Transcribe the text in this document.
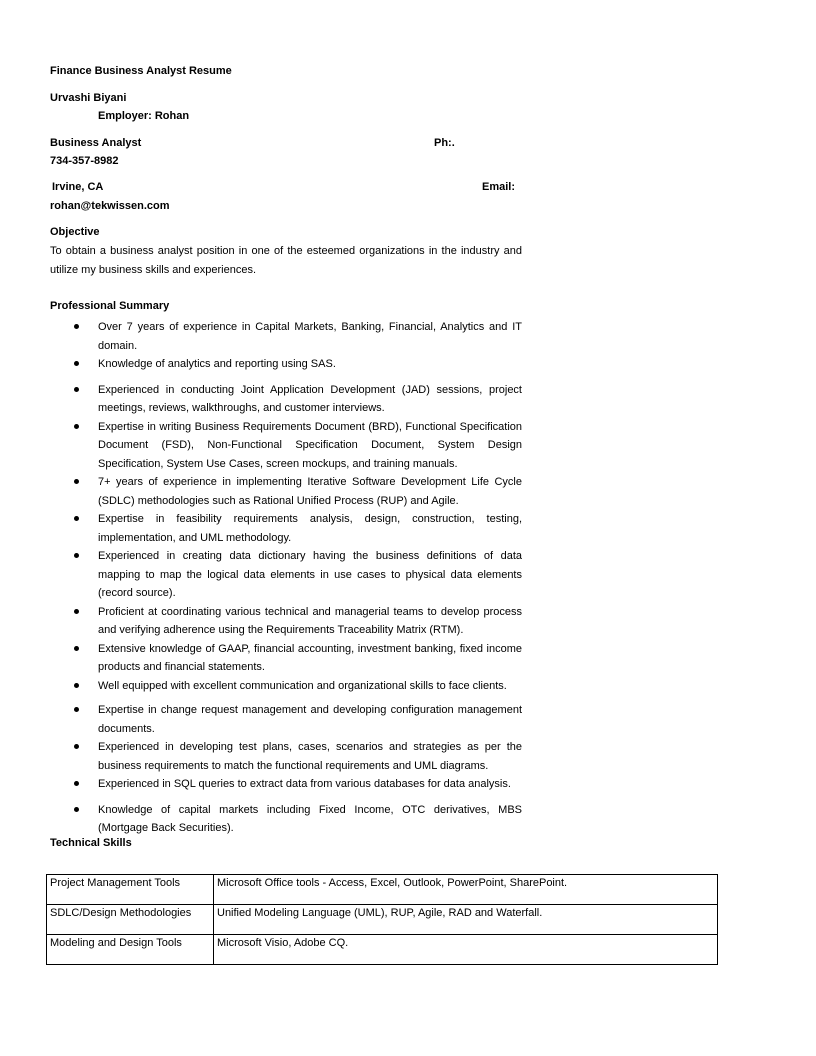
Finance Business Analyst Resume
Urvashi Biyani
Employer: Rohan
Business Analyst	Ph:.
734-357-8982
Irvine, CA	Email:
rohan@tekwissen.com
Objective
To obtain a business analyst position in one of the esteemed organizations in the industry and utilize my business skills and experiences.
Professional Summary
Over 7 years of experience in Capital Markets, Banking, Financial, Analytics and IT domain.
Knowledge of analytics and reporting using SAS.
Experienced in conducting Joint Application Development (JAD) sessions, project meetings, reviews, walkthroughs, and customer interviews.
Expertise in writing Business Requirements Document (BRD), Functional Specification Document (FSD), Non-Functional Specification Document, System Design Specification, System Use Cases, screen mockups, and training manuals.
7+ years of experience in implementing Iterative Software Development Life Cycle (SDLC) methodologies such as Rational Unified Process (RUP) and Agile.
Expertise in feasibility requirements analysis, design, construction, testing, implementation, and UML methodology.
Experienced in creating data dictionary having the business definitions of data mapping to map the logical data elements in use cases to physical data elements (record source).
Proficient at coordinating various technical and managerial teams to develop process and verifying adherence using the Requirements Traceability Matrix (RTM).
Extensive knowledge of GAAP, financial accounting, investment banking, fixed income products and financial statements.
Well equipped with excellent communication and organizational skills to face clients.
Expertise in change request management and developing configuration management documents.
Experienced in developing test plans, cases, scenarios and strategies as per the business requirements to match the functional requirements and UML diagrams.
Experienced in SQL queries to extract data from various databases for data analysis.
Knowledge of capital markets including Fixed Income, OTC derivatives, MBS (Mortgage Back Securities).
Technical Skills
Project Management Tools	Microsoft Office tools - Access, Excel, Outlook, PowerPoint, SharePoint.
SDLC/Design Methodologies	Unified Modeling Language (UML), RUP, Agile, RAD and Waterfall.
Modeling and Design Tools	Microsoft Visio, Adobe CQ.
